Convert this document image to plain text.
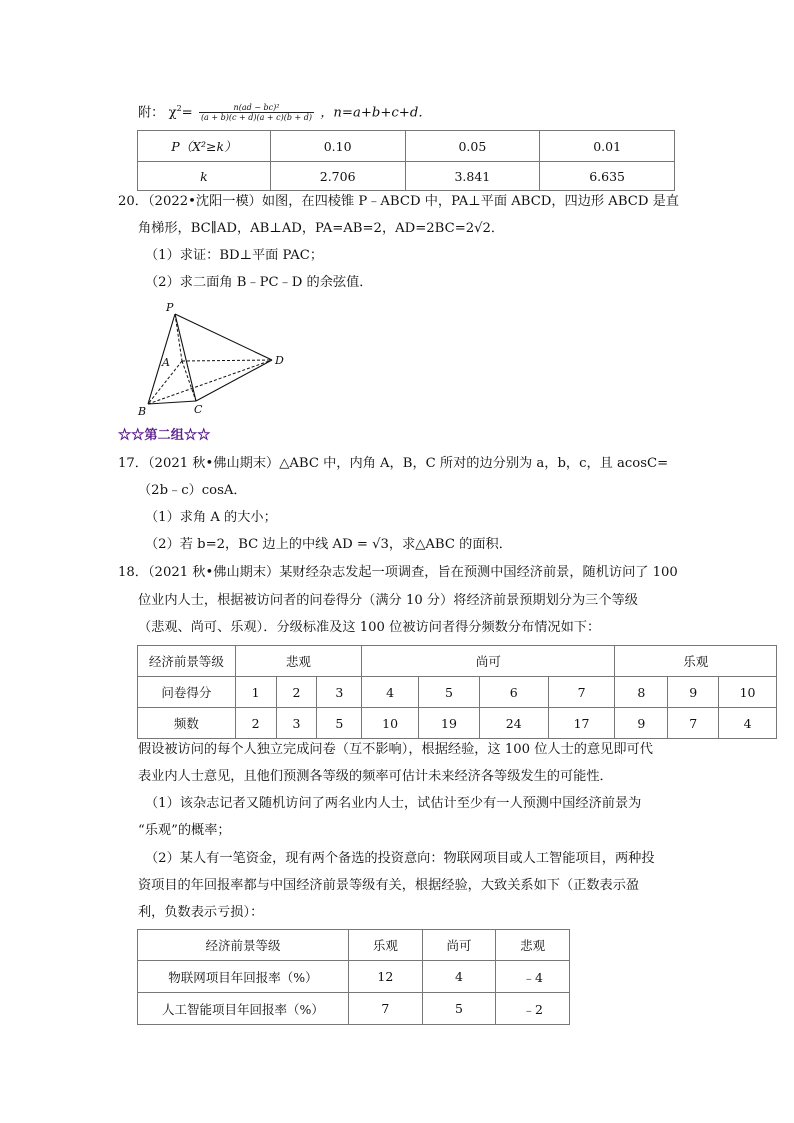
附： $\chi^2= \frac{\text{n(ad − bc)²}}{(a + b)(c + d)(a + c)(b + d)}$ ，n=a+b+c+d．
P（X²≥k）	0.10	0.05	0.01
k	2.706	3.841	6.635
20．（2022•沈阳一模）如图，在四棱锥 P﹣ABCD 中，PA⊥平面 ABCD，四边形 ABCD 是直
角梯形，BC∥AD，AB⊥AD，PA=AB=2，AD=2BC=2√2．
（1）求证：BD⊥平面 PAC；
（2）求二面角 B﹣PC﹣D 的余弦值．
P
A
B	C
D
☆☆第二组☆☆
17．（2021 秋•佛山期末）△ABC 中，内角 A，B，C 所对的边分别为 a，b，c，且 acosC=
（2b﹣c）cosA．
（1）求角 A 的大小；
（2）若 b=2，BC 边上的中线 AD = √3，求△ABC 的面积．
18．（2021 秋•佛山期末）某财经杂志发起一项调查，旨在预测中国经济前景，随机访问了 100
位业内人士，根据被访问者的问卷得分（满分 10 分）将经济前景预期划分为三个等级
（悲观、尚可、乐观）．分级标准及这 100 位被访问者得分频数分布情况如下：
经济前景等级	悲观			尚可				乐观		
问卷得分	1	2	3	4	5	6	7	8	9	10
频数	2	3	5	10	19	24	17	9	7	4
假设被访问的每个人独立完成问卷（互不影响），根据经验，这 100 位人士的意见即可代
表业内人士意见，且他们预测各等级的频率可估计未来经济各等级发生的可能性．
（1）该杂志记者又随机访问了两名业内人士，试估计至少有一人预测中国经济前景为
“乐观”的概率；
（2）某人有一笔资金，现有两个备选的投资意向：物联网项目或人工智能项目，两种投
资项目的年回报率都与中国经济前景等级有关，根据经验，大致关系如下（正数表示盈
利，负数表示亏损）：
经济前景等级	乐观	尚可	悲观
物联网项目年回报率（%）	12	4	﹣4
人工智能项目年回报率（%）	7	5	﹣2
